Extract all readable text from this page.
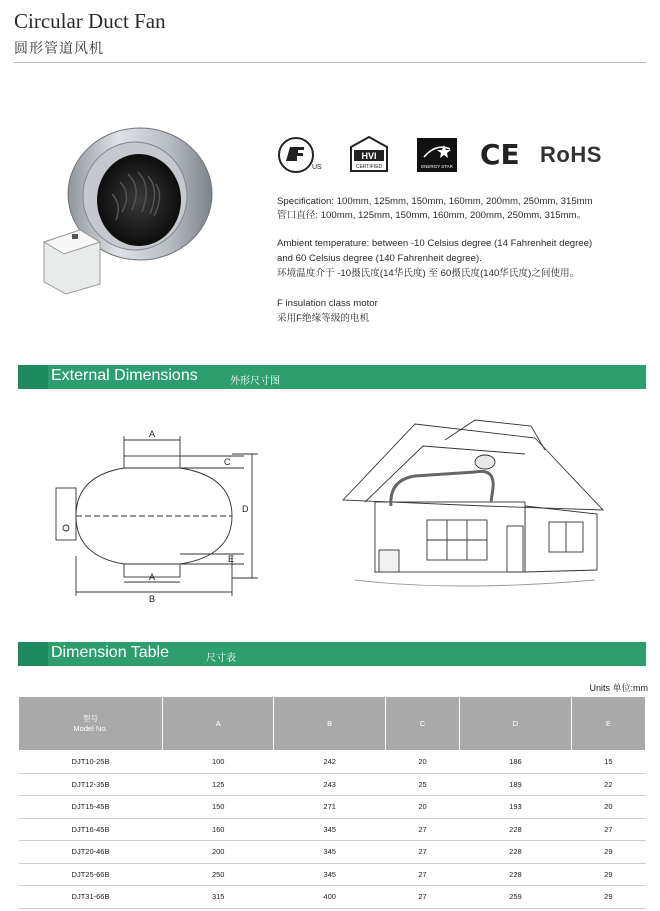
Circular Duct Fan
圆形管道风机
US
HVI
CERTIFIED	ENERGY STAR CE RoHS
Specification: 100mm, 125mm, 150mm, 160mm, 200mm, 250mm, 315mm
管口直径: 100mm, 125mm, 150mm, 160mm, 200mm, 250mm, 315mm。
Ambient temperature: between -10 Celsius degree (14 Fahrenheit degree)
and 60 Celsius degree (140 Fahrenheit degree).
环境温度介于 -10摄氏度(14华氏度) 至 60摄氏度(140华氏度)之间使用。
F insulation class motor
采用F绝缘等级的电机
External Dimensions	外形尺寸图
A
A
B
C
D
E
Dimension Table	尺寸表
Units 单位:mm
型号
Model No.	A	B	C	D	E
DJT10-25B	100	242	20	186	15
DJT12-35B	125	243	25	189	22
DJT15-45B	150	271	20	193	20
DJT16-45B	160	345	27	228	27
DJT20-46B	200	345	27	228	29
DJT25-66B	250	345	27	228	29
DJT31-66B	315	400	27	259	29
